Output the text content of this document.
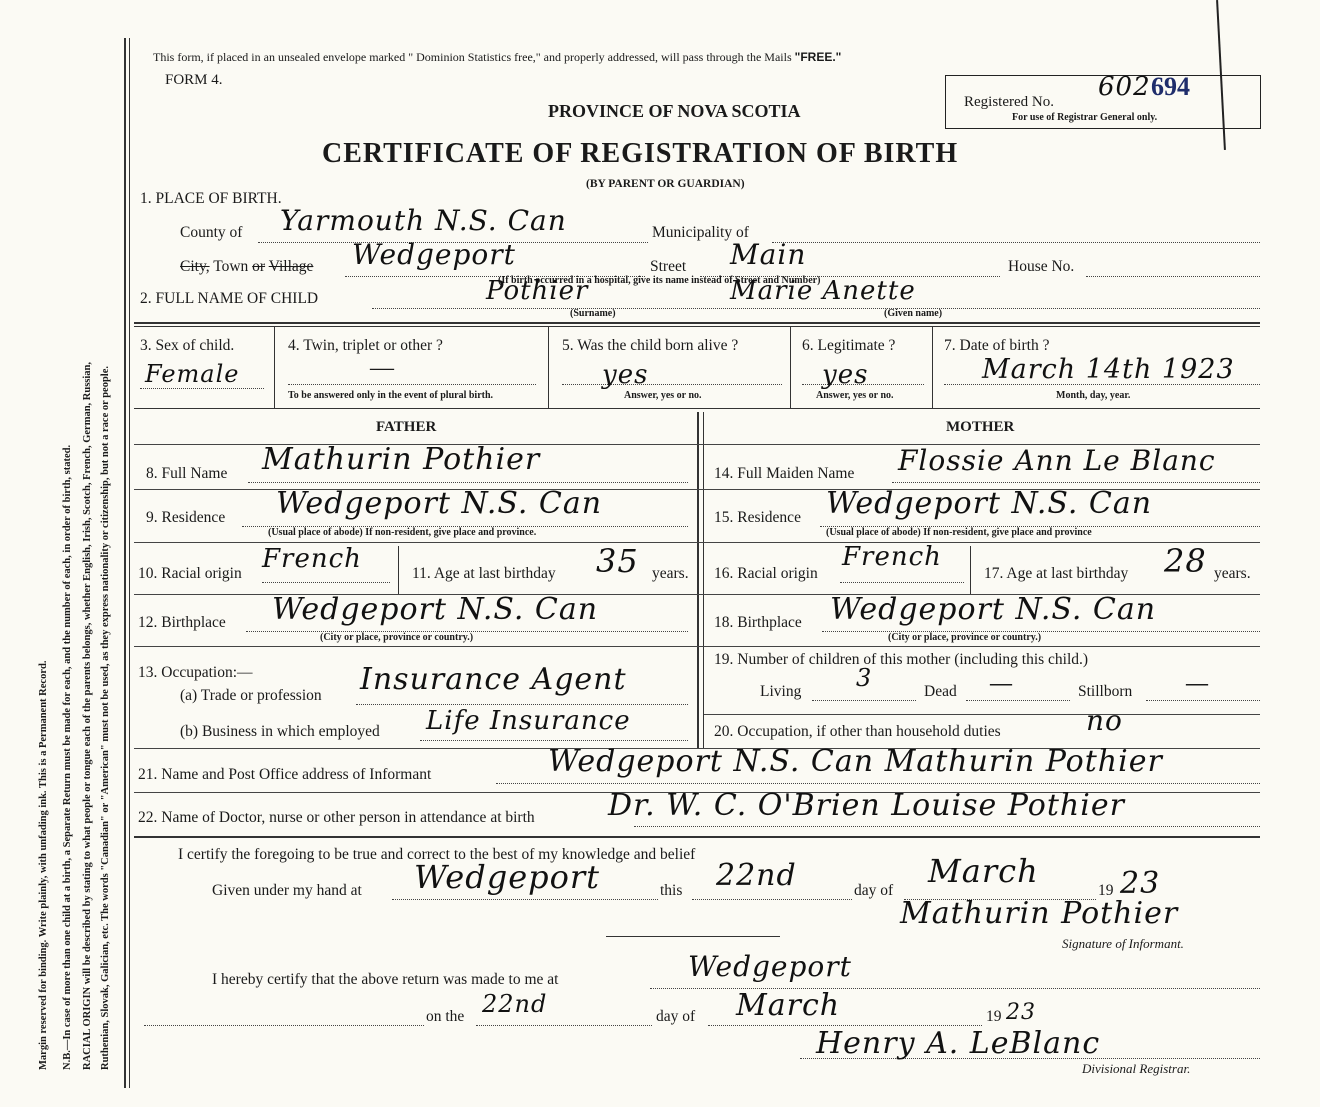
Margin reserved for binding. Write plainly, with unfading ink. This is a Permanent Record. N.B.—In case of more than one child at a birth, a Separate Return must be made for each, and the number of each, in order of birth, stated. RACIAL ORIGIN will be described by stating to what people or tongue each of the parents belongs, whether English, Irish, Scotch, French, German, Russian, Ruthenian, Slovak, Galician, etc. The words "Canadian" or "American" must not be used, as they express nationality or citizenship, but not a race or people.
This form, if placed in an unsealed envelope marked " Dominion Statistics free," and properly addressed, will pass through the Mails "FREE."
FORM 4.
PROVINCE OF NOVA SCOTIA
CERTIFICATE OF REGISTRATION OF BIRTH
(BY PARENT OR GUARDIAN)
Registered No. 602 694
For use of Registrar General only.
1. PLACE OF BIRTH.
County of Yarmouth N.S. Can	Municipality of
City, Town or Village Wedgeport	Street Main	House No.
(If birth occurred in a hospital, give its name instead of Street and Number)
2. FULL NAME OF CHILD	Pothier	Marie Anette
(Surname)	(Given name)
3. Sex of child.
Female
4. Twin, triplet or other ?
—
To be answered only in the event of plural birth.
5. Was the child born alive ?
yes
Answer, yes or no.
6. Legitimate ?
yes
Answer, yes or no.
7. Date of birth ?
March 14th 1923
Month, day, year.
FATHER	MOTHER
8. Full Name Mathurin Pothier
9. Residence Wedgeport N.S. Can
(Usual place of abode) If non-resident, give place and province.
10. Racial origin French	11. Age at last birthday 35 years.
12. Birthplace Wedgeport N.S. Can
(City or place, province or country.)
13. Occupation:—
(a) Trade or profession Insurance Agent
(b) Business in which employed Life Insurance
14. Full Maiden Name Flossie Ann Le Blanc
15. Residence Wedgeport N.S. Can
(Usual place of abode) If non-resident, give place and province
16. Racial origin
French
17. Age at last birthday 28 years.
18. Birthplace Wedgeport N.S. Can
(City or place, province or country.)
19. Number of children of this mother (including this child.)
Living 3	Dead —	Stillborn —
20. Occupation, if other than household duties	no
21. Name and Post Office address of Informant	Wedgeport N.S. Can Mathurin Pothier
22. Name of Doctor, nurse or other person in attendance at birth Dr. W. C. O'Brien Louise Pothier
I certify the foregoing to be true and correct to the best of my knowledge and belief
Given under my hand at Wedgeport	this 22nd	day of
March
19 23
Mathurin Pothier
Signature of Informant.
I hereby certify that the above return was made to me at	Wedgeport
on the 22nd	day of March	19 23
Henry A. LeBlanc
Divisional Registrar.
